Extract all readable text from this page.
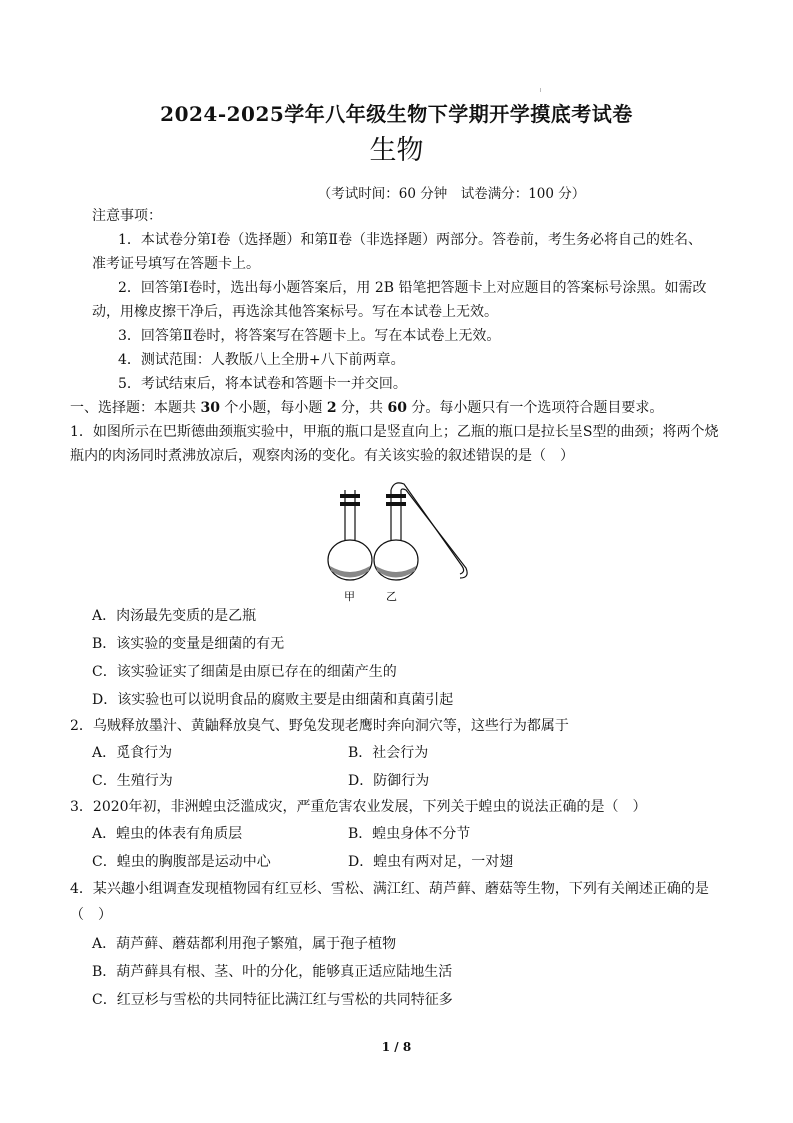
2024-2025学年八年级生物下学期开学摸底考试卷
生物
（考试时间：60 分钟　试卷满分：100 分）
注意事项：
1．本试卷分第Ⅰ卷（选择题）和第Ⅱ卷（非选择题）两部分。答卷前，考生务必将自己的姓名、
准考证号填写在答题卡上。
2．回答第Ⅰ卷时，选出每小题答案后，用 2B 铅笔把答题卡上对应题目的答案标号涂黑。如需改
动，用橡皮擦干净后，再选涂其他答案标号。写在本试卷上无效。
3．回答第Ⅱ卷时，将答案写在答题卡上。写在本试卷上无效。
4．测试范围：人教版八上全册+八下前两章。
5．考试结束后，将本试卷和答题卡一并交回。
一、选择题：本题共 30 个小题，每小题 2 分，共 60 分。每小题只有一个选项符合题目要求。
1．如图所示在巴斯德曲颈瓶实验中，甲瓶的瓶口是竖直向上；乙瓶的瓶口是拉长呈S型的曲颈；将两个烧
瓶内的肉汤同时煮沸放凉后，观察肉汤的变化。有关该实验的叙述错误的是（　）
甲	乙
A．肉汤最先变质的是乙瓶
B．该实验的变量是细菌的有无
C．该实验证实了细菌是由原已存在的细菌产生的
D．该实验也可以说明食品的腐败主要是由细菌和真菌引起
2．乌贼释放墨汁、黄鼬释放臭气、野兔发现老鹰时奔向洞穴等，这些行为都属于
A．觅食行为	B．社会行为
C．生殖行为	D．防御行为
3．2020年初，非洲蝗虫泛滥成灾，严重危害农业发展，下列关于蝗虫的说法正确的是（　）
A．蝗虫的体表有角质层	B．蝗虫身体不分节
C．蝗虫的胸腹部是运动中心	D．蝗虫有两对足，一对翅
4．某兴趣小组调查发现植物园有红豆杉、雪松、满江红、葫芦藓、蘑菇等生物，下列有关阐述正确的是
（　）
A．葫芦藓、蘑菇都利用孢子繁殖，属于孢子植物
B．葫芦藓具有根、茎、叶的分化，能够真正适应陆地生活
C．红豆杉与雪松的共同特征比满江红与雪松的共同特征多
1 / 8
